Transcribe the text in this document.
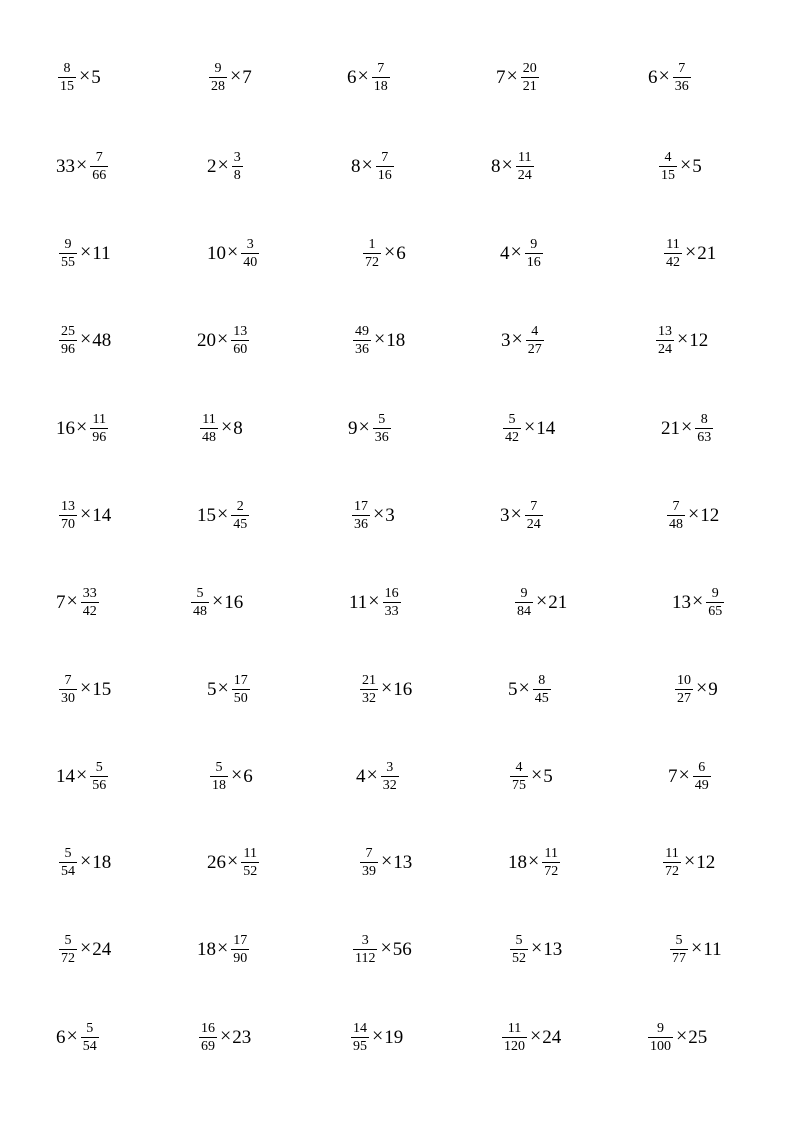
$\frac{8}{15} \times 5$	$\frac{9}{28} \times 7$	$6 \times \frac{7}{18}$	$7 \times \frac{20}{21}$	$6 \times \frac{7}{36}$
$33 \times \frac{7}{66}$	$2 \times \frac{3}{8}$	$8 \times \frac{7}{16}$	$8 \times \frac{11}{24}$	$\frac{4}{15} \times 5$
$\frac{9}{55} \times 11$	$10 \times \frac{3}{40}$	$\frac{1}{72} \times 6$	$4 \times \frac{9}{16}$	$\frac{11}{42} \times 21$
$\frac{25}{96} \times 48$	$20 \times \frac{13}{60}$	$\frac{49}{36} \times 18$	$3 \times \frac{4}{27}$	$\frac{13}{24} \times 12$
$16 \times \frac{11}{96}$	$\frac{11}{48} \times 8$	$9 \times \frac{5}{36}$	$\frac{5}{42} \times 14$	$21 \times \frac{8}{63}$
$\frac{13}{70} \times 14$	$15 \times \frac{2}{45}$	$\frac{17}{36} \times 3$	$3 \times \frac{7}{24}$	$\frac{7}{48} \times 12$
$7 \times \frac{33}{42}$	$\frac{5}{48} \times 16$	$11 \times \frac{16}{33}$	$\frac{9}{84} \times 21$	$13 \times \frac{9}{65}$
$\frac{7}{30} \times 15$	$5 \times \frac{17}{50}$	$\frac{21}{32} \times 16$	$5 \times \frac{8}{45}$	$\frac{10}{27} \times 9$
$14 \times \frac{5}{56}$	$\frac{5}{18} \times 6$	$4 \times \frac{3}{32}$	$\frac{4}{75} \times 5$	$7 \times \frac{6}{49}$
$\frac{5}{54} \times 18$	$26 \times \frac{11}{52}$	$\frac{7}{39} \times 13$	$18 \times \frac{11}{72}$	$\frac{11}{72} \times 12$
$\frac{5}{72} \times 24$	$18 \times \frac{17}{90}$	$\frac{3}{112} \times 56$	$\frac{5}{52} \times 13$	$\frac{5}{77} \times 11$
$6 \times \frac{5}{54}$	$\frac{16}{69} \times 23$	$\frac{14}{95} \times 19$	$\frac{11}{120} \times 24$	$\frac{9}{100} \times 25$
